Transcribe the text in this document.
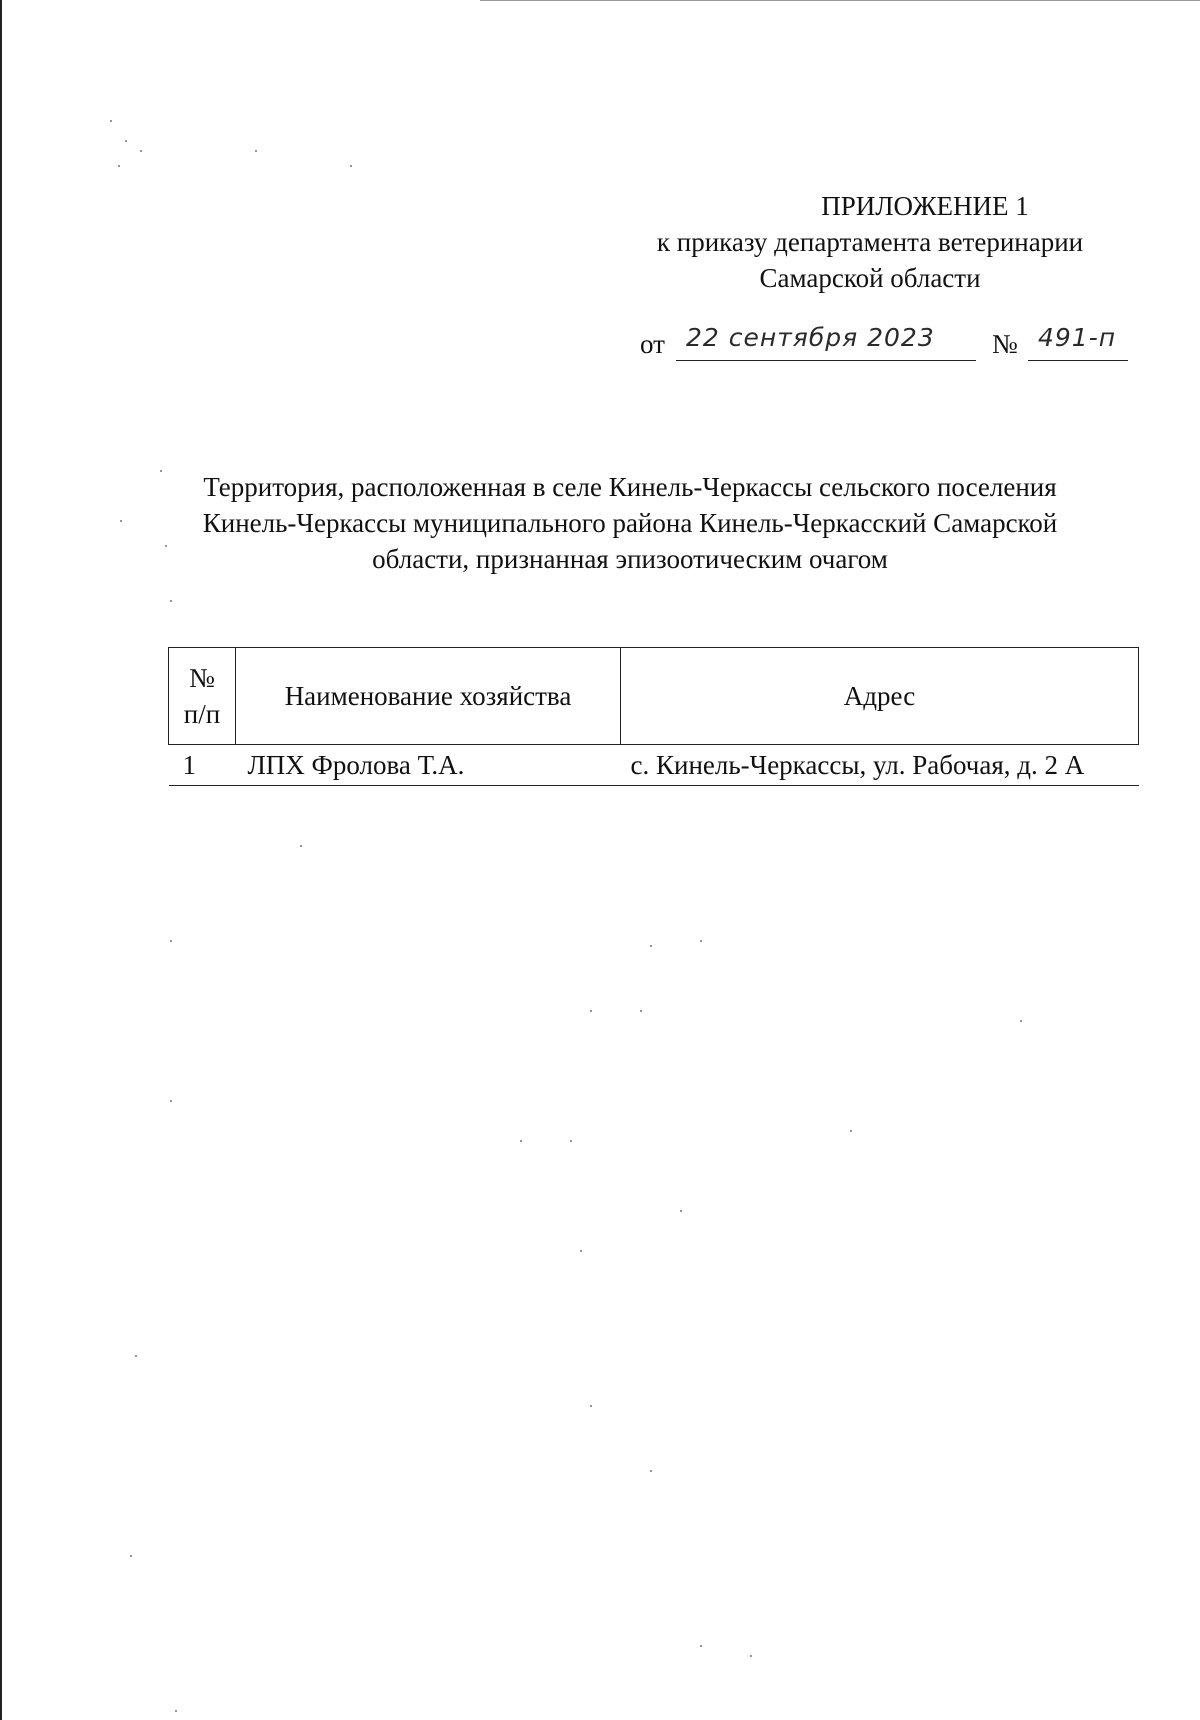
ПРИЛОЖЕНИЕ 1
к приказу департамента ветеринарии
Самарской области
от 22 сентября 2023 № 491-п
Территория, расположенная в селе Кинель-Черкассы сельского поселения
Кинель-Черкассы муниципального района Кинель-Черкасский Самарской
области, признанная эпизоотическим очагом
№
п/п	Наименование хозяйства	Адрес
1	ЛПХ Фролова Т.А.	с. Кинель-Черкассы, ул. Рабочая, д. 2 А
